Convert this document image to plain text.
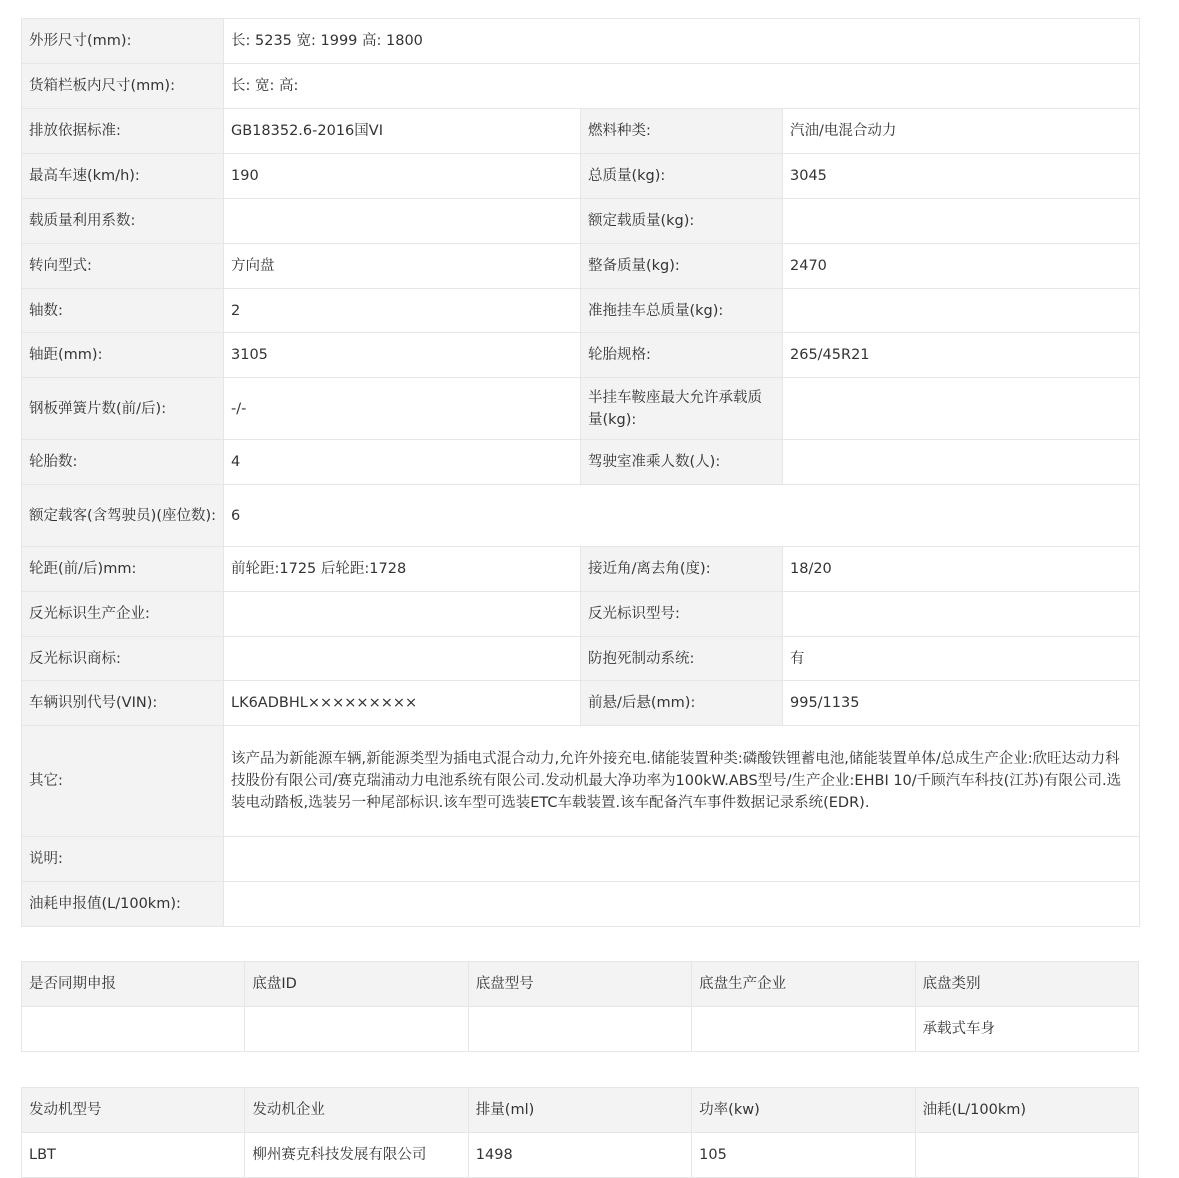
外形尺寸(mm):	长: 5235 宽: 1999 高: 1800		
货箱栏板内尺寸(mm):	长: 宽: 高:		
排放依据标准:	GB18352.6-2016国VI	燃料种类:	汽油/电混合动力
最高车速(km/h):	190	总质量(kg):	3045
载质量利用系数:		额定载质量(kg):	
转向型式:	方向盘	整备质量(kg):	2470
轴数:	2	准拖挂车总质量(kg):	
轴距(mm):	3105	轮胎规格:	265/45R21
钢板弹簧片数(前/后):	-/-	半挂车鞍座最大允许承载质量(kg):	
轮胎数:	4	驾驶室准乘人数(人):	
额定载客(含驾驶员)(座位数):	6		
轮距(前/后)mm:	前轮距:1725 后轮距:1728	接近角/离去角(度):	18/20
反光标识生产企业:		反光标识型号:	
反光标识商标:		防抱死制动系统:	有
车辆识别代号(VIN):	LK6ADBHL×××××××××	前悬/后悬(mm):	995/1135
其它:	该产品为新能源车辆,新能源类型为插电式混合动力,允许外接充电.储能装置种类:磷酸铁锂蓄电池,储能装置单体/总成生产企业:欣旺达动力科技股份有限公司/赛克瑞浦动力电池系统有限公司.发动机最大净功率为100kW.ABS型号/生产企业:EHBI 10/千顾汽车科技(江苏)有限公司.选装电动踏板,选装另一种尾部标识.该车型可选装ETC车载装置.该车配备汽车事件数据记录系统(EDR).		
说明:			
油耗申报值(L/100km):			
是否同期申报	底盘ID	底盘型号	底盘生产企业	底盘类别
				承载式车身
发动机型号	发动机企业	排量(ml)	功率(kw)	油耗(L/100km)
LBT	柳州赛克科技发展有限公司	1498	105	
